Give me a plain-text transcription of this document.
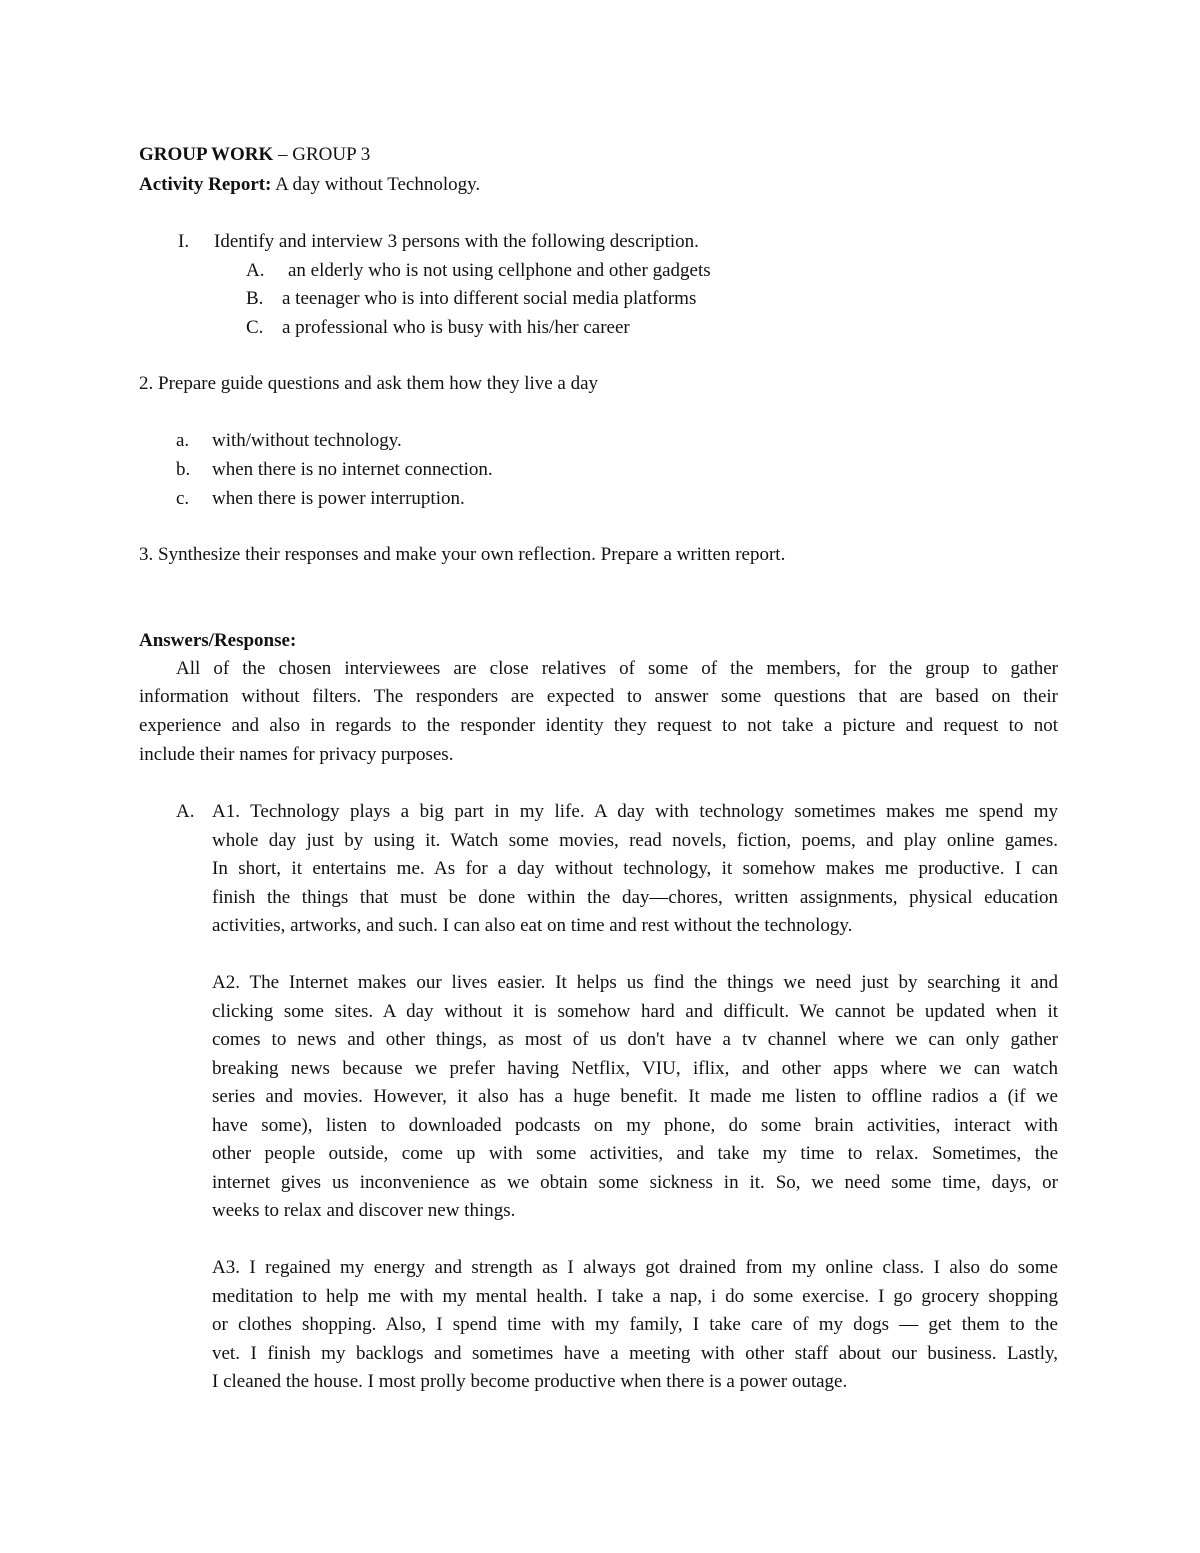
GROUP WORK – GROUP 3
Activity Report: A day without Technology.
I. Identify and interview 3 persons with the following description.
A. an elderly who is not using cellphone and other gadgets
B. a teenager who is into different social media platforms
C. a professional who is busy with his/her career
2. Prepare guide questions and ask them how they live a day
a. with/without technology.
b. when there is no internet connection.
c. when there is power interruption.
3. Synthesize their responses and make your own reflection. Prepare a written report.
Answers/Response:
All of the chosen interviewees are close relatives of some of the members, for the group to gather
information without filters. The responders are expected to answer some questions that are based on their
experience and also in regards to the responder identity they request to not take a picture and request to not
include their names for privacy purposes.
A. A1. Technology plays a big part in my life. A day with technology sometimes makes me spend my
whole day just by using it. Watch some movies, read novels, fiction, poems, and play online games.
In short, it entertains me. As for a day without technology, it somehow makes me productive. I can
finish the things that must be done within the day—chores, written assignments, physical education
activities, artworks, and such. I can also eat on time and rest without the technology.
A2. The Internet makes our lives easier. It helps us find the things we need just by searching it and
clicking some sites. A day without it is somehow hard and difficult. We cannot be updated when it
comes to news and other things, as most of us don't have a tv channel where we can only gather
breaking news because we prefer having Netflix, VIU, iflix, and other apps where we can watch
series and movies. However, it also has a huge benefit. It made me listen to offline radios a (if we
have some), listen to downloaded podcasts on my phone, do some brain activities, interact with
other people outside, come up with some activities, and take my time to relax. Sometimes, the
internet gives us inconvenience as we obtain some sickness in it. So, we need some time, days, or
weeks to relax and discover new things.
A3. I regained my energy and strength as I always got drained from my online class. I also do some
meditation to help me with my mental health. I take a nap, i do some exercise. I go grocery shopping
or clothes shopping. Also, I spend time with my family, I take care of my dogs — get them to the
vet. I finish my backlogs and sometimes have a meeting with other staff about our business. Lastly,
I cleaned the house. I most prolly become productive when there is a power outage.
